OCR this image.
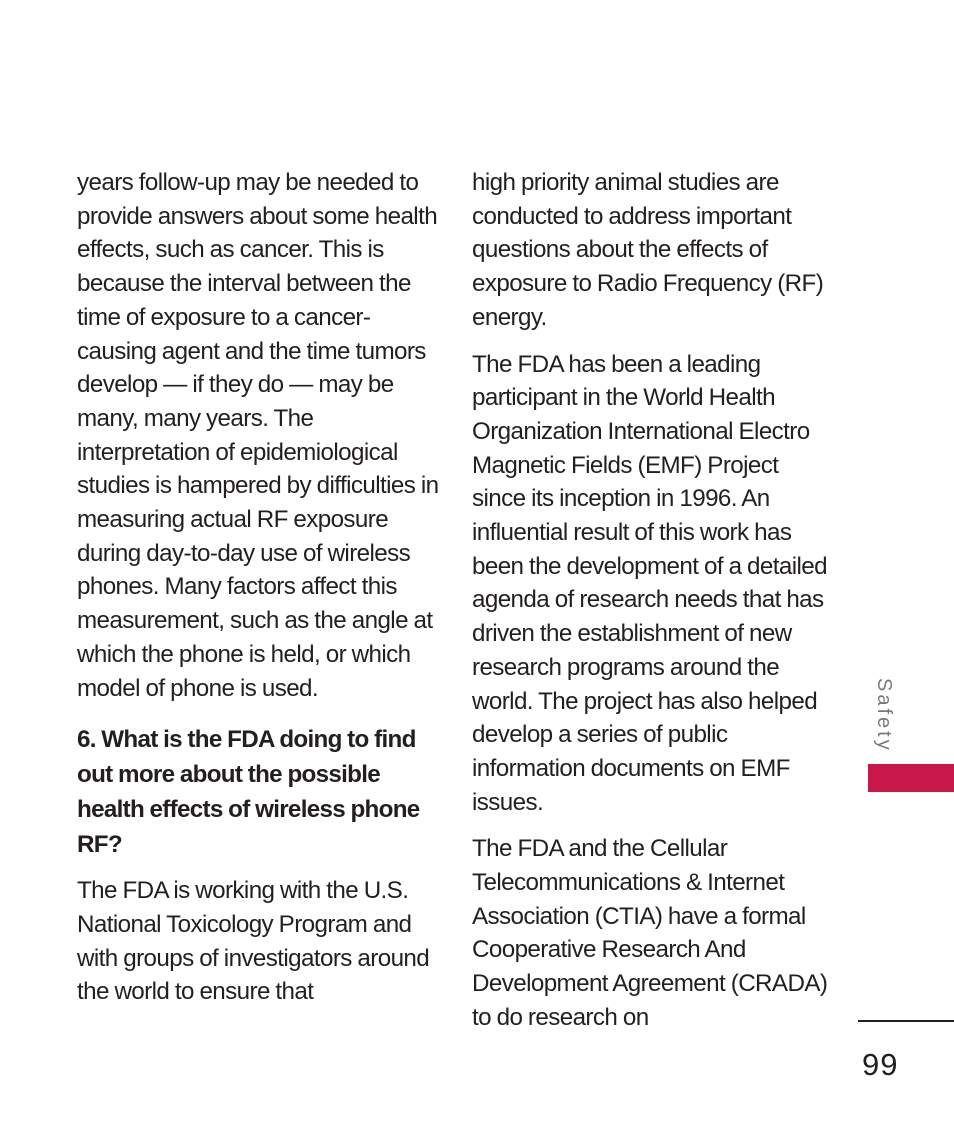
years follow-up may be needed to provide answers about some health effects, such as cancer. This is because the interval between the time of exposure to a cancer-causing agent and the time tumors develop — if they do — may be many, many years. The interpretation of epidemiological studies is hampered by difficulties in measuring actual RF exposure during day-to-day use of wireless phones. Many factors affect this measurement, such as the angle at which the phone is held, or which model of phone is used.

6. What is the FDA doing to find out more about the possible health effects of wireless phone RF?

The FDA is working with the U.S. National Toxicology Program and with groups of investigators around the world to ensure that

high priority animal studies are conducted to address important questions about the effects of exposure to Radio Frequency (RF) energy.

The FDA has been a leading participant in the World Health Organization International Electro Magnetic Fields (EMF) Project since its inception in 1996. An influential result of this work has been the development of a detailed agenda of research needs that has driven the establishment of new research programs around the world. The project has also helped develop a series of public information documents on EMF issues.

The FDA and the Cellular Telecommunications & Internet Association (CTIA) have a formal Cooperative Research And Development Agreement (CRADA) to do research on

Safety
99
